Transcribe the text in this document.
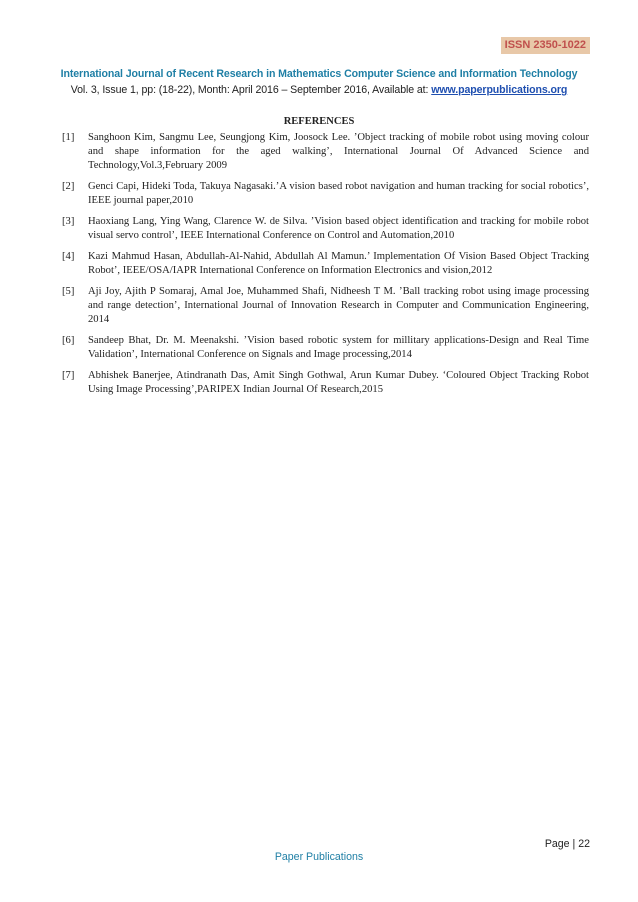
ISSN 2350-1022
International Journal of Recent Research in Mathematics Computer Science and Information Technology
Vol. 3, Issue 1, pp: (18-22), Month: April 2016 – September 2016, Available at: www.paperpublications.org
REFERENCES
[1]	Sanghoon Kim, Sangmu Lee, Seungjong Kim, Joosock Lee. ’Object tracking of mobile robot using moving colour and shape information for the aged walking’, International Journal Of Advanced Science and Technology,Vol.3,February 2009
[2]	Genci Capi, Hideki Toda, Takuya Nagasaki.’A vision based robot navigation and human tracking for social robotics’, IEEE journal paper,2010
[3]	Haoxiang Lang, Ying Wang, Clarence W. de Silva. ’Vision based object identification and tracking for mobile robot visual servo control’, IEEE International Conference on Control and Automation,2010
[4]	Kazi Mahmud Hasan, Abdullah-Al-Nahid, Abdullah Al Mamun.’ Implementation Of Vision Based Object Tracking Robot’, IEEE/OSA/IAPR International Conference on Information Electronics and vision,2012
[5]	Aji Joy, Ajith P Somaraj, Amal Joe, Muhammed Shafi, Nidheesh T M. ’Ball tracking robot using image processing and range detection’, International Journal of Innovation Research in Computer and Communication Engineering, 2014
[6]	Sandeep Bhat, Dr. M. Meenakshi. ’Vision based robotic system for millitary applications-Design and Real Time Validation’, International Conference on Signals and Image processing,2014
[7]	Abhishek Banerjee, Atindranath Das, Amit Singh Gothwal, Arun Kumar Dubey. ‘Coloured Object Tracking Robot Using Image Processing’,PARIPEX Indian Journal Of Research,2015
Page | 22
Paper Publications
